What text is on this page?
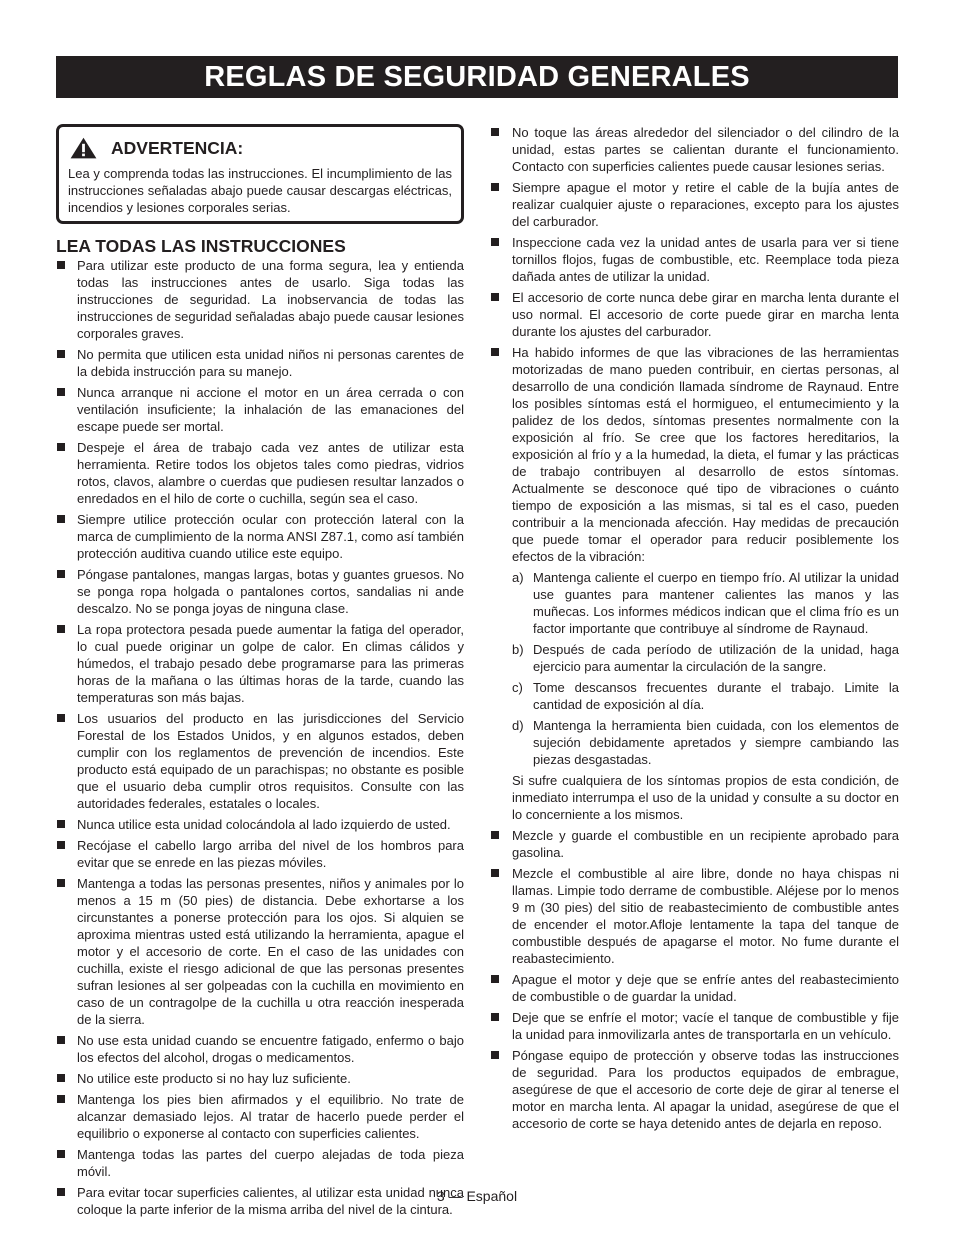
REGLAS DE SEGURIDAD GENERALES
ADVERTENCIA:
Lea y comprenda todas las instrucciones. El incumplimiento de las instrucciones señaladas abajo puede causar descargas eléctricas, incendios y lesiones corporales serias.
LEA TODAS LAS INSTRUCCIONES
Para utilizar este producto de una forma segura, lea y entienda todas las instrucciones antes de usarlo. Siga todas las instrucciones de seguridad. La inobservancia de todas las instrucciones de seguridad señaladas abajo puede causar lesiones corporales graves.
No permita que utilicen esta unidad niños ni personas carentes de la debida instrucción para su manejo.
Nunca arranque ni accione el motor en un área cerrada o con ventilación insuficiente; la inhalación de las emanaciones del escape puede ser mortal.
Despeje el área de trabajo cada vez antes de utilizar esta herramienta. Retire todos los objetos tales como piedras, vidrios rotos, clavos, alambre o cuerdas que pudiesen resultar lanzados o enredados en el hilo de corte o cuchilla, según sea el caso.
Siempre utilice protección ocular con protección lateral con la marca de cumplimiento de la norma ANSI Z87.1, como así también protección auditiva cuando utilice este equipo.
Póngase pantalones, mangas largas, botas y guantes gruesos. No se ponga ropa holgada o pantalones cortos, sandalias ni ande descalzo. No se ponga joyas de ninguna clase.
La ropa protectora pesada puede aumentar la fatiga del operador, lo cual puede originar un golpe de calor. En climas cálidos y húmedos, el trabajo pesado debe programarse para las primeras horas de la mañana o las últimas horas de la tarde, cuando las temperaturas son más bajas.
Los usuarios del producto en las jurisdicciones del Servicio Forestal de los Estados Unidos, y en algunos estados, deben cumplir con los reglamentos de prevención de incendios. Este producto está equipado de un parachispas; no obstante es posible que el usuario deba cumplir otros requisitos. Consulte con las autoridades federales, estatales o locales.
Nunca utilice esta unidad colocándola al lado izquierdo de usted.
Recójase el cabello largo arriba del nivel de los hombros para evitar que se enrede en las piezas móviles.
Mantenga a todas las personas presentes, niños y animales por lo menos a 15 m (50 pies) de distancia. Debe exhortarse a los circunstantes a ponerse protección para los ojos. Si alquien se aproxima mientras usted está utilizando la herramienta, apague el motor y el accesorio de corte. En el caso de las unidades con cuchilla, existe el riesgo adicional de que las personas presentes sufran lesiones al ser golpeadas con la cuchilla en movimiento en caso de un contragolpe de la cuchilla u otra reacción inesperada de la sierra.
No use esta unidad cuando se encuentre fatigado, enfermo o bajo los efectos del alcohol, drogas o medicamentos.
No utilice este producto si no hay luz suficiente.
Mantenga los pies bien afirmados y el equilibrio. No trate de alcanzar demasiado lejos. Al tratar de hacerlo puede perder el equilibrio o exponerse al contacto con superficies calientes.
Mantenga todas las partes del cuerpo alejadas de toda pieza móvil.
Para evitar tocar superficies calientes, al utilizar esta unidad nunca coloque la parte inferior de la misma arriba del nivel de la cintura.
No toque las áreas alrededor del silenciador o del cilindro de la unidad, estas partes se calientan durante el funcionamiento. Contacto con superficies calientes puede causar lesiones serias.
Siempre apague el motor y retire el cable de la bujía antes de realizar cualquier ajuste o reparaciones, excepto para los ajustes del carburador.
Inspeccione cada vez la unidad antes de usarla para ver si tiene tornillos flojos, fugas de combustible, etc. Reemplace toda pieza dañada antes de utilizar la unidad.
El accesorio de corte nunca debe girar en marcha lenta durante el uso normal. El accesorio de corte puede girar en marcha lenta durante los ajustes del carburador.
Ha habido informes de que las vibraciones de las herramientas motorizadas de mano pueden contribuir, en ciertas personas, al desarrollo de una condición llamada síndrome de Raynaud. Entre los posibles síntomas está el hormigueo, el entumecimiento y la palidez de los dedos, síntomas presentes normalmente con la exposición al frío. Se cree que los factores hereditarios, la exposición al frío y a la humedad, la dieta, el fumar y las prácticas de trabajo contribuyen al desarrollo de estos síntomas. Actualmente se desconoce qué tipo de vibraciones o cuánto tiempo de exposición a las mismas, si tal es el caso, pueden contribuir a la mencionada afección. Hay medidas de precaución que puede tomar el operador para reducir posiblemente los efectos de la vibración:
a) Mantenga caliente el cuerpo en tiempo frío. Al utilizar la unidad use guantes para mantener calientes las manos y las muñecas. Los informes médicos indican que el clima frío es un factor importante que contribuye al síndrome de Raynaud.
b) Después de cada período de utilización de la unidad, haga ejercicio para aumentar la circulación de la sangre.
c) Tome descansos frecuentes durante el trabajo. Limite la cantidad de exposición al día.
d) Mantenga la herramienta bien cuidada, con los elementos de sujeción debidamente apretados y siempre cambiando las piezas desgastadas.
Si sufre cualquiera de los síntomas propios de esta condición, de inmediato interrumpa el uso de la unidad y consulte a su doctor en lo concerniente a los mismos.
Mezcle y guarde el combustible en un recipiente aprobado para gasolina.
Mezcle el combustible al aire libre, donde no haya chispas ni llamas. Limpie todo derrame de combustible. Aléjese por lo menos 9 m (30 pies) del sitio de reabastecimiento de combustible antes de encender el motor.Afloje lentamente la tapa del tanque de combustible después de apagarse el motor. No fume durante el reabastecimiento.
Apague el motor y deje que se enfríe antes del reabastecimiento de combustible o de guardar la unidad.
Deje que se enfríe el motor; vacíe el tanque de combustible y fije la unidad para inmovilizarla antes de transportarla en un vehículo.
Póngase equipo de protección y observe todas las instrucciones de seguridad. Para los productos equipados de embrague, asegúrese de que el accesorio de corte deje de girar al tenerse el motor en marcha lenta. Al apagar la unidad, asegúrese de que el accesorio de corte se haya detenido antes de dejarla en reposo.
3 — Español
